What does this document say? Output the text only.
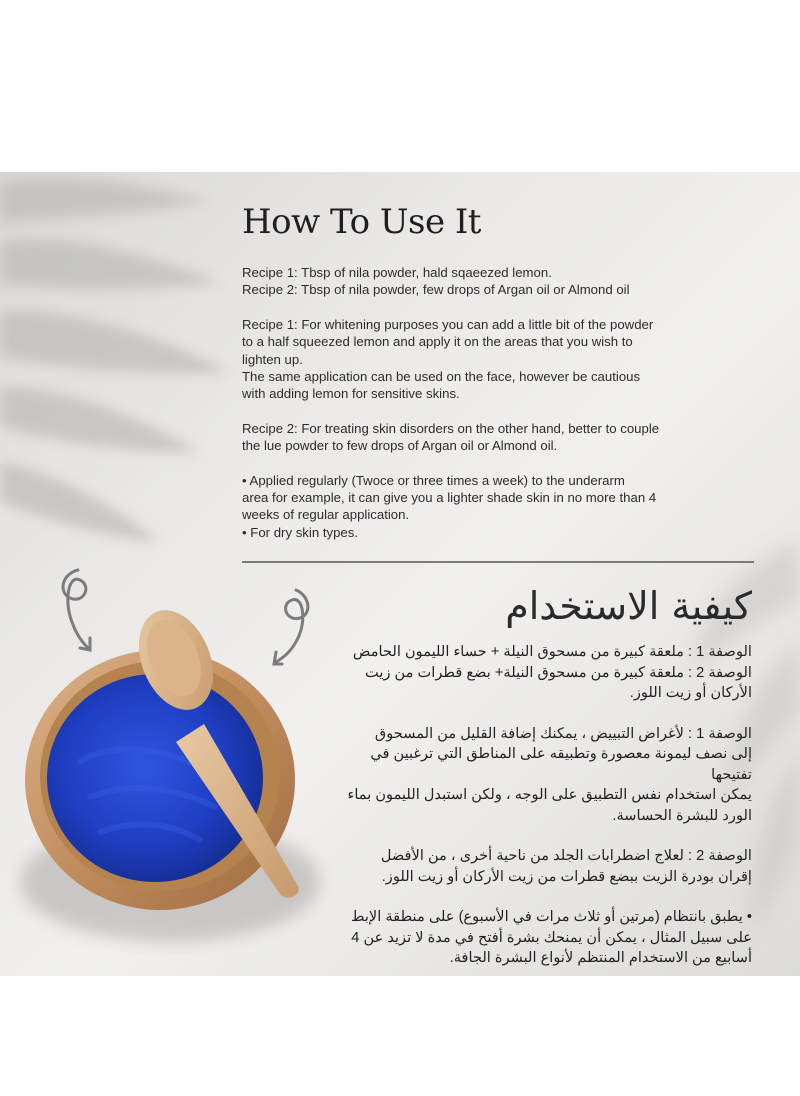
How To Use It
Recipe 1: Tbsp of nila powder, hald sqaeezed lemon.
Recipe 2: Tbsp of nila powder, few drops of Argan oil or Almond oil
Recipe 1: For whitening purposes you can add a little bit of the powder
to a half squeezed lemon and apply it on the areas that you wish to
lighten up.
The same application can be used on the face, however be cautious
with adding lemon for sensitive skins.
Recipe 2: For treating skin disorders on the other hand, better to couple
the lue powder to few drops of Argan oil or Almond oil.
• Applied regularly (Twoce or three times a week) to the underarm
area for example, it can give you a lighter shade skin in no more than 4
weeks of regular application.
• For dry skin types.
كيفية الاستخدام
الوصفة 1 : ملعقة كبيرة من مسحوق النيلة + حساء الليمون الحامض
الوصفة 2 : ملعقة كبيرة من مسحوق النيلة+ بضع قطرات من زيت
الأركان أو زيت اللوز.
الوصفة 1 : لأغراض التبييض ، يمكنك إضافة القليل من المسحوق
إلى نصف ليمونة معصورة وتطبيقه على المناطق التي ترغبين في
تفتيحها
يمكن استخدام نفس التطبيق على الوجه ، ولكن استبدل الليمون بماء
الورد للبشرة الحساسة.
الوصفة 2 : لعلاج اضطرابات الجلد من ناحية أخرى ، من الأفضل
إقران بودرة الزيت ببضع قطرات من زيت الأركان أو زيت اللوز.
• يطبق بانتظام (مرتين أو ثلاث مرات في الأسبوع) على منطقة الإبط
على سبيل المثال ، يمكن أن يمنحك بشرة أفتح في مدة لا تزيد عن 4
أسابيع من الاستخدام المنتظم لأنواع البشرة الجافة.
